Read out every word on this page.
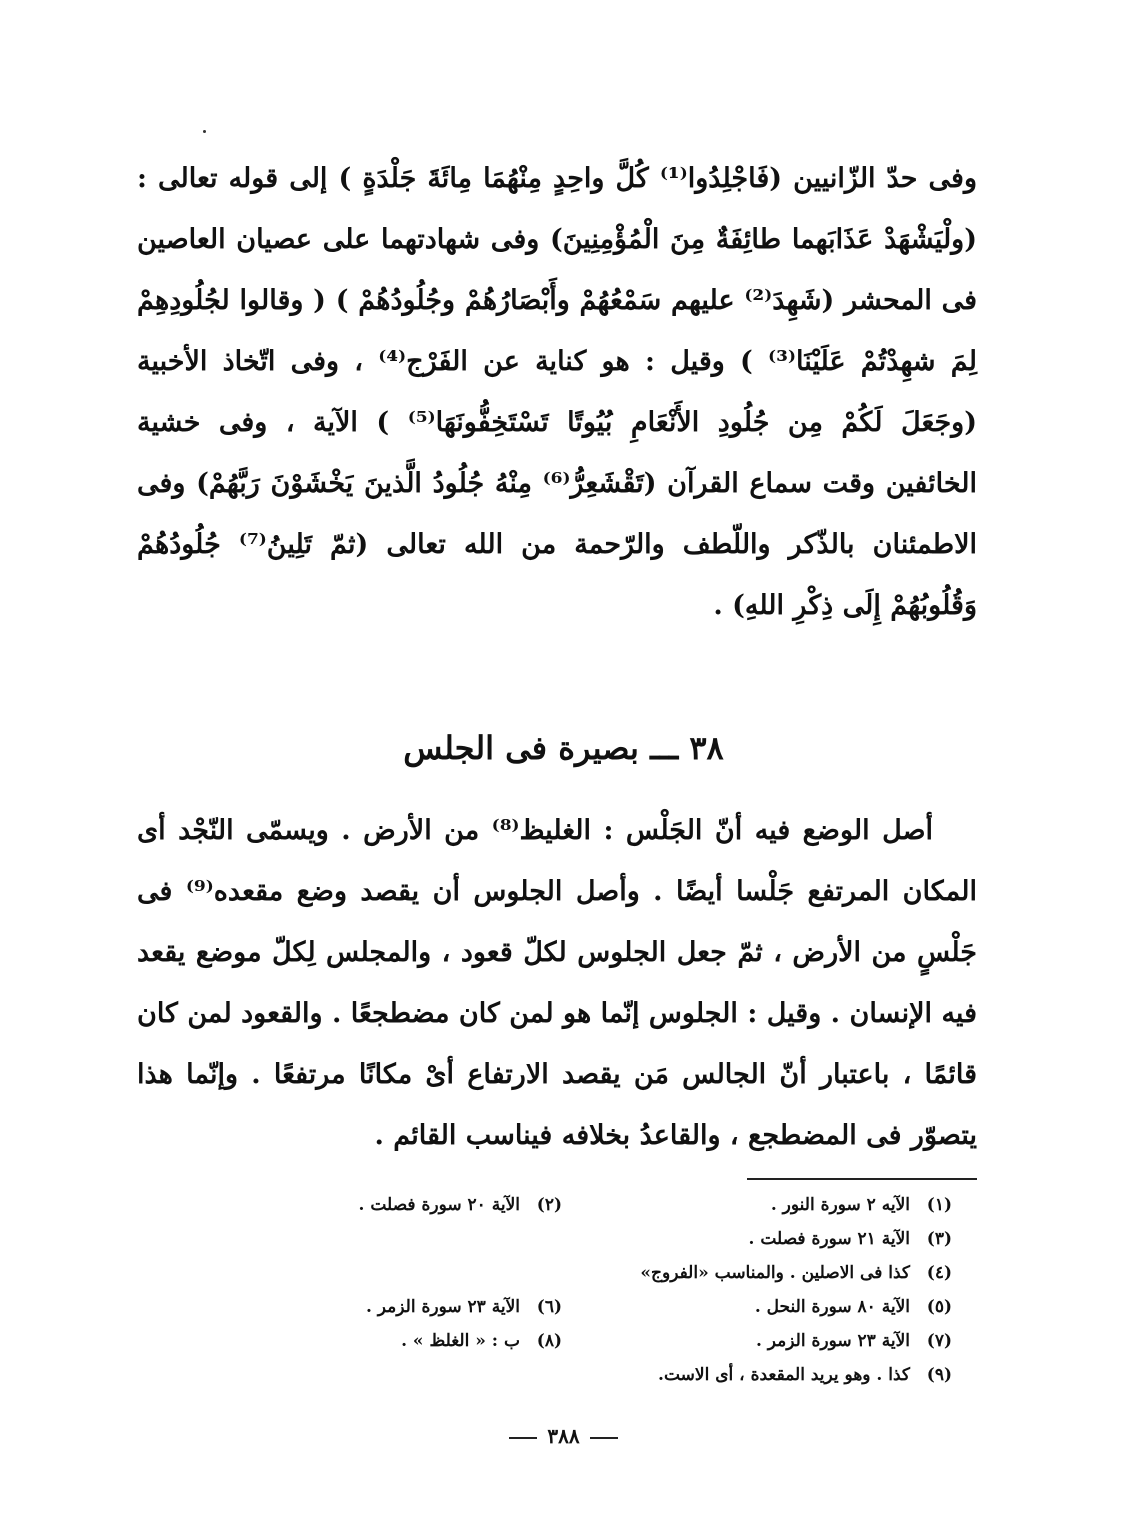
وفى حدّ الزّانيين (فَاجْلِدُوا⁽¹⁾ كُلَّ واحِدٍ مِنْهُمَا مِائَةَ جَلْدَةٍ ) إلى قوله تعالى : (ولْيَشْهَدْ عَذَابَهما طائِفَةٌ مِنَ الْمُؤْمِنِينَ) وفى شهادتهما على عصيان العاصين فى المحشر (شَهِدَ⁽²⁾ عليهم سَمْعُهُمْ وأَبْصَارُهُمْ وجُلُودُهُمْ ) ( وقالوا لجُلُودِهِمْ لِمَ شهِدْتُمْ عَلَيْنَا⁽³⁾ ) وقيل : هو كناية عن الفَرْج⁽⁴⁾ ، وفى اتّخاذ الأخبية (وجَعَلَ لَكُمْ مِن جُلُودِ الأَنْعَامِ بُيُوتًا تَسْتَخِفُّونَهَا⁽⁵⁾ ) الآية ، وفى خشية الخائفين وقت سماع القرآن (تَقْشَعِرُّ⁽⁶⁾ مِنْهُ جُلُودُ الَّذينَ يَخْشَوْنَ رَبَّهُمْ) وفى الاطمئنان بالذّكر واللّطف والرّحمة من الله تعالى (ثمّ تَلِينُ⁽⁷⁾ جُلُودُهُمْ وَقُلُوبُهُمْ إِلَى ذِكْرِ اللهِ) .
٣٨ ـــ بصيرة فى الجلس
أصل الوضع فيه أنّ الجَلْس : الغليظ⁽⁸⁾ من الأرض . ويسمّى النّجْد أى المكان المرتفع جَلْسا أيضًا . وأصل الجلوس أن يقصد وضع مقعده⁽⁹⁾ فى جَلْسٍ من الأرض ، ثمّ جعل الجلوس لكلّ قعود ، والمجلس لِكلّ موضع يقعد فيه الإنسان . وقيل : الجلوس إنّما هو لمن كان مضطجعًا . والقعود لمن كان قائمًا ، باعتبار أنّ الجالس مَن يقصد الارتفاع أىْ مكانًا مرتفعًا . وإنّما هذا يتصوّر فى المضطجع ، والقاعدُ بخلافه فيناسب القائم .
(١)الآيه ٢ سورة النور .
(٢)الآية ٢٠ سورة فصلت .
(٣)الآية ٢١ سورة فصلت .
(٤)كذا فى الاصلين . والمناسب «الفروج»
(٥)الآية ٨٠ سورة النحل .
(٦)الآية ٢٣ سورة الزمر .
(٧)الآية ٢٣ سورة الزمر .
(٨)ب : « الغلظ » .
(٩)كذا . وهو يريد المقعدة ، أى الاست.
٣٨٨
